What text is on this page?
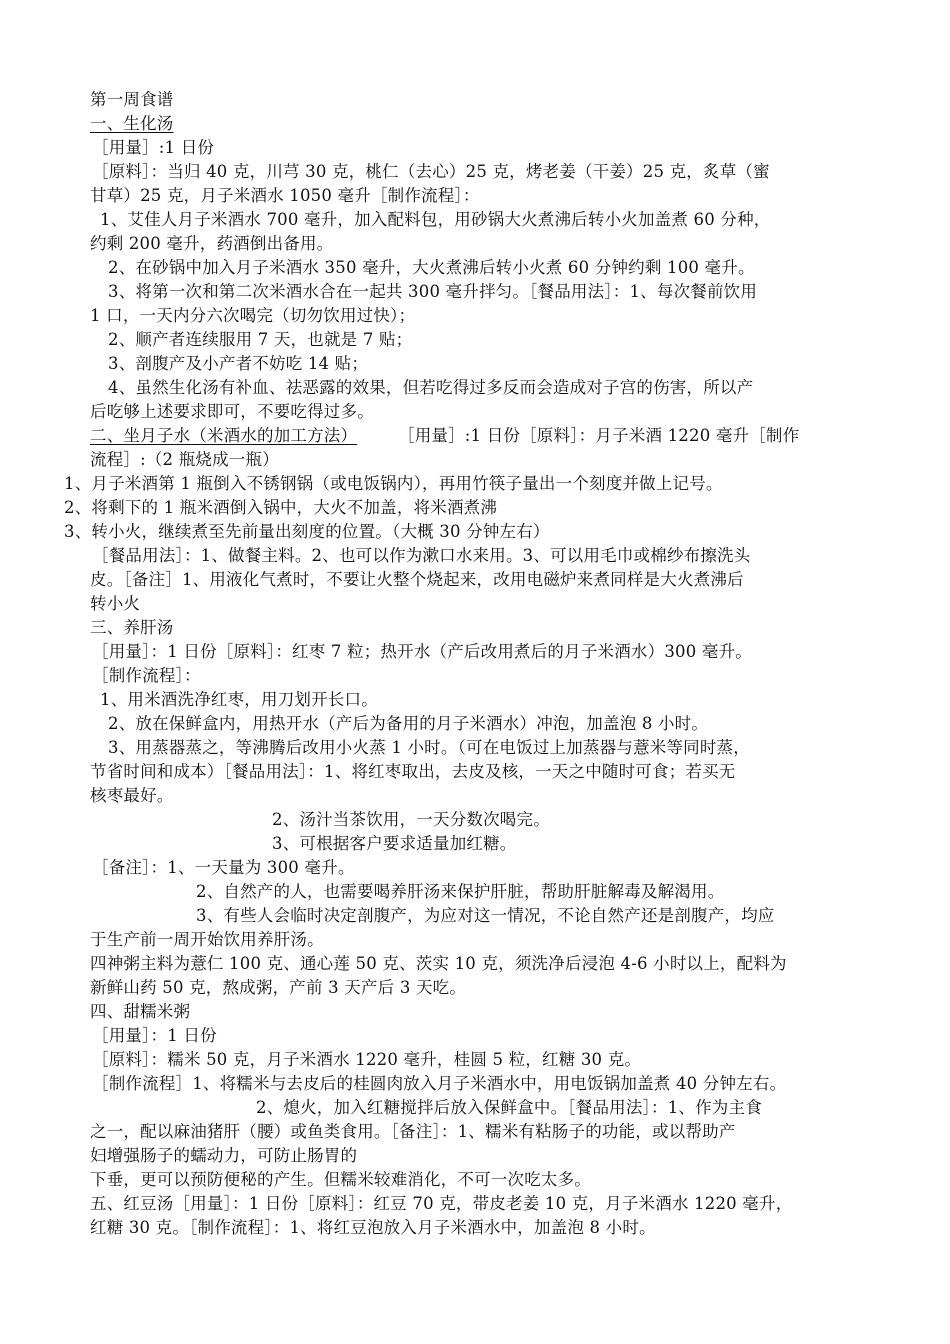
第一周食谱
一、生化汤
［用量］:1 日份
［原料］：当归 40 克，川芎 30 克，桃仁（去心）25 克，烤老姜（干姜）25 克，炙草（蜜
甘草）25 克，月子米酒水 1050 毫升［制作流程］：
1、艾佳人月子米酒水 700 毫升，加入配料包，用砂锅大火煮沸后转小火加盖煮 60 分种，
约剩 200 毫升，药酒倒出备用。
2、在砂锅中加入月子米酒水 350 毫升，大火煮沸后转小火煮 60 分钟约剩 100 毫升。
3、将第一次和第二次米酒水合在一起共 300 毫升拌匀。［餐品用法］：1、每次餐前饮用
1 口，一天内分六次喝完（切勿饮用过快）；
2、顺产者连续服用 7 天，也就是 7 贴；
3、剖腹产及小产者不妨吃 14 贴；
4、虽然生化汤有补血、祛恶露的效果，但若吃得过多反而会造成对子宫的伤害，所以产
后吃够上述要求即可，不要吃得过多。
二、坐月子水（米酒水的加工方法） ［用量］:1 日份［原料］：月子米酒 1220 毫升［制作
流程］:（2 瓶烧成一瓶）
1、月子米酒第 1 瓶倒入不锈钢锅（或电饭锅内），再用竹筷子量出一个刻度并做上记号。
2、将剩下的 1 瓶米酒倒入锅中，大火不加盖，将米酒煮沸
3、转小火，继续煮至先前量出刻度的位置。（大概 30 分钟左右）
［餐品用法］：1、做餐主料。2、也可以作为漱口水来用。3、可以用毛巾或棉纱布擦洗头
皮。［备注］1、用液化气煮时，不要让火整个烧起来，改用电磁炉来煮同样是大火煮沸后
转小火
三、养肝汤
［用量］：1 日份［原料］：红枣 7 粒；热开水（产后改用煮后的月子米酒水）300 毫升。
［制作流程］：
1、用米酒洗净红枣，用刀划开长口。
2、放在保鲜盒内，用热开水（产后为备用的月子米酒水）冲泡，加盖泡 8 小时。
3、用蒸器蒸之，等沸腾后改用小火蒸 1 小时。（可在电饭过上加蒸器与薏米等同时蒸，
节省时间和成本）［餐品用法］：1、将红枣取出，去皮及核，一天之中随时可食；若买无
核枣最好。
2、汤汁当茶饮用，一天分数次喝完。
3、可根据客户要求适量加红糖。
［备注］：1、一天量为 300 毫升。
2、自然产的人，也需要喝养肝汤来保护肝脏，帮助肝脏解毒及解渴用。
3、有些人会临时决定剖腹产，为应对这一情况，不论自然产还是剖腹产，均应
于生产前一周开始饮用养肝汤。
四神粥主料为薏仁 100 克、通心莲 50 克、茨实 10 克，须洗净后浸泡 4-6 小时以上，配料为
新鲜山药 50 克，熬成粥，产前 3 天产后 3 天吃。
四、甜糯米粥
［用量］：1 日份
［原料］：糯米 50 克，月子米酒水 1220 毫升，桂圆 5 粒，红糖 30 克。
［制作流程］1、将糯米与去皮后的桂圆肉放入月子米酒水中，用电饭锅加盖煮 40 分钟左右。
2、熄火，加入红糖搅拌后放入保鲜盒中。［餐品用法］：1、作为主食
之一，配以麻油猪肝（腰）或鱼类食用。［备注］：1、糯米有粘肠子的功能，或以帮助产
妇增强肠子的蠕动力，可防止肠胃的
下垂，更可以预防便秘的产生。但糯米较难消化，不可一次吃太多。
五、红豆汤［用量］：1 日份［原料］：红豆 70 克，带皮老姜 10 克，月子米酒水 1220 毫升，
红糖 30 克。［制作流程］：1、将红豆泡放入月子米酒水中，加盖泡 8 小时。
